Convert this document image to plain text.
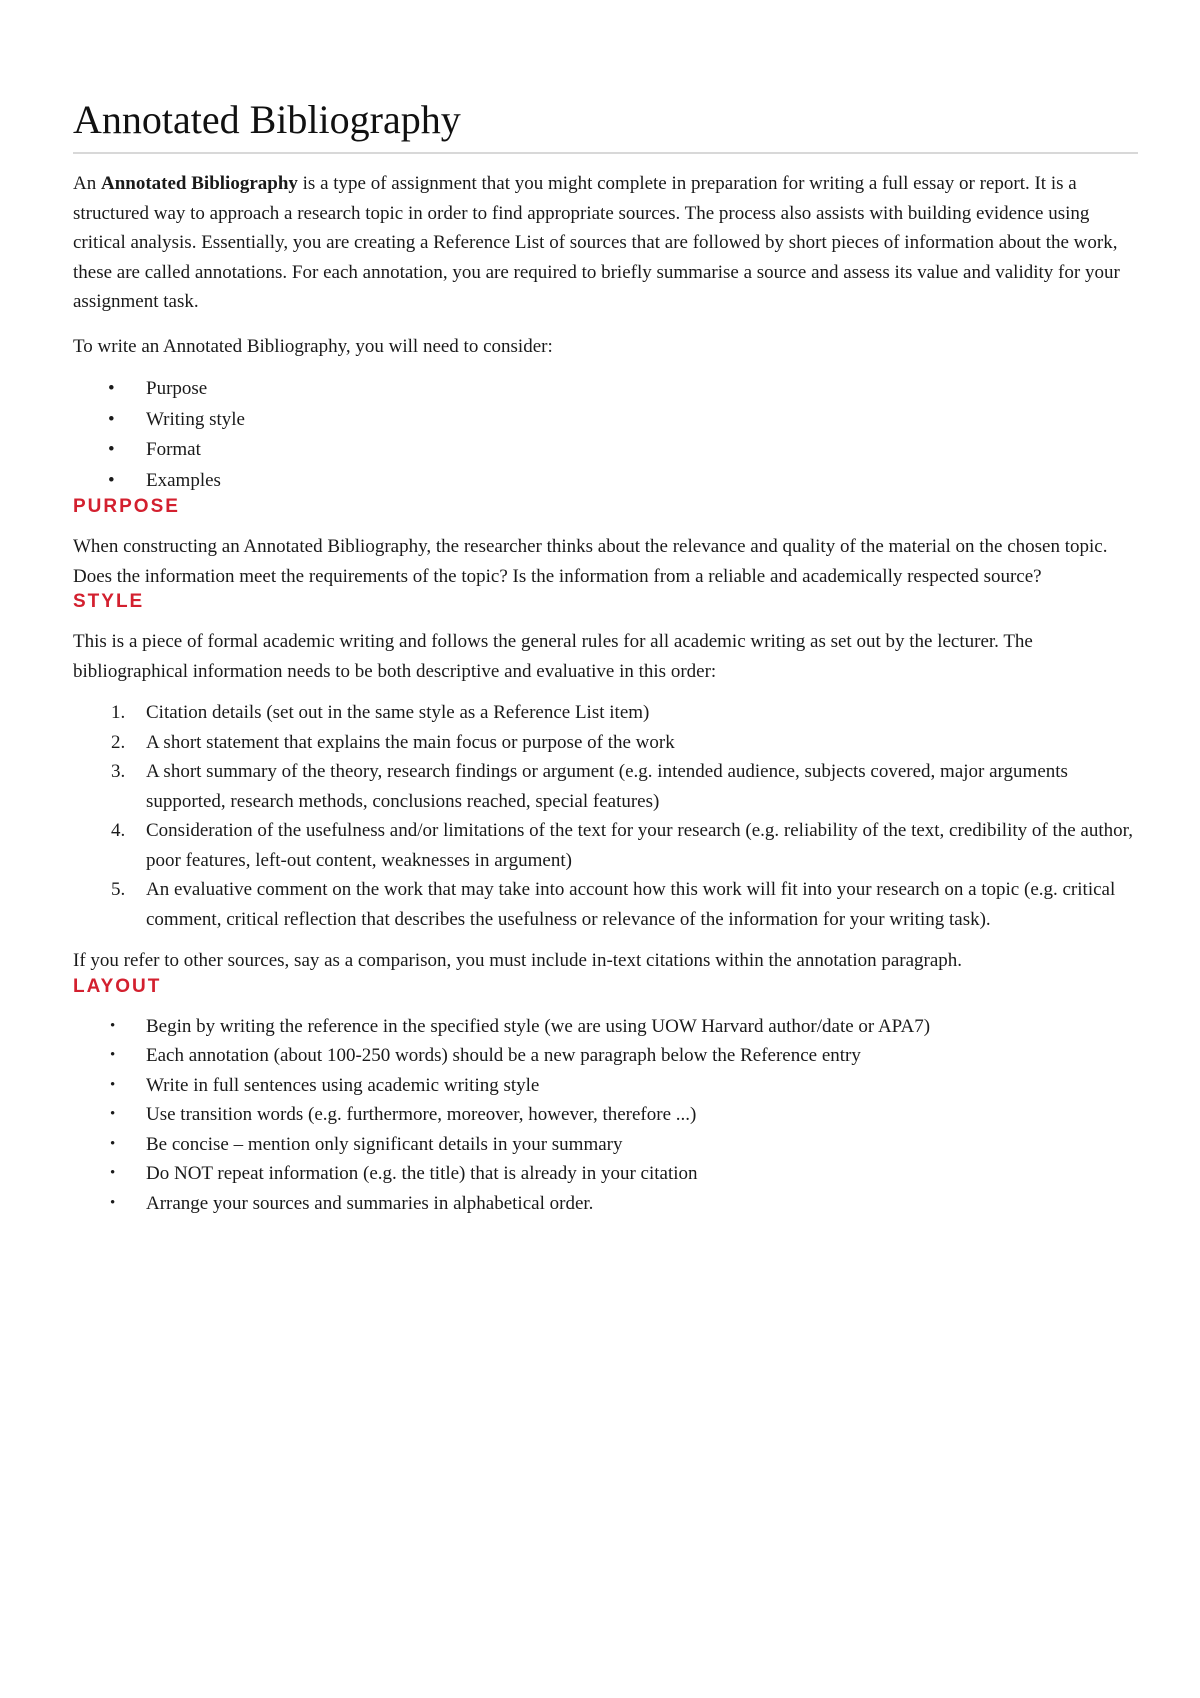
Annotated Bibliography

An Annotated Bibliography is a type of assignment that you might complete in preparation for writing a full essay or report. It is a structured way to approach a research topic in order to find appropriate sources. The process also assists with building evidence using critical analysis. Essentially, you are creating a Reference List of sources that are followed by short pieces of information about the work, these are called annotations. For each annotation, you are required to briefly summarise a source and assess its value and validity for your assignment task.

To write an Annotated Bibliography, you will need to consider:

• Purpose
• Writing style
• Format
• Examples
PURPOSE

When constructing an Annotated Bibliography, the researcher thinks about the relevance and quality of the material on the chosen topic. Does the information meet the requirements of the topic? Is the information from a reliable and academically respected source?

STYLE

This is a piece of formal academic writing and follows the general rules for all academic writing as set out by the lecturer. The bibliographical information needs to be both descriptive and evaluative in this order:

1. Citation details (set out in the same style as a Reference List item)
2. A short statement that explains the main focus or purpose of the work
3. A short summary of the theory, research findings or argument (e.g. intended audience, subjects covered, major arguments supported, research methods, conclusions reached, special features)
4. Consideration of the usefulness and/or limitations of the text for your research (e.g. reliability of the text, credibility of the author, poor features, left-out content, weaknesses in argument)
5. An evaluative comment on the work that may take into account how this work will fit into your research on a topic (e.g. critical comment, critical reflection that describes the usefulness or relevance of the information for your writing task).

If you refer to other sources, say as a comparison, you must include in-text citations within the annotation paragraph.

LAYOUT
• Begin by writing the reference in the specified style (we are using UOW Harvard author/date or APA7)
• Each annotation (about 100-250 words) should be a new paragraph below the Reference entry
• Write in full sentences using academic writing style
• Use transition words (e.g. furthermore, moreover, however, therefore ...)
• Be concise – mention only significant details in your summary
• Do NOT repeat information (e.g. the title) that is already in your citation
• Arrange your sources and summaries in alphabetical order.
